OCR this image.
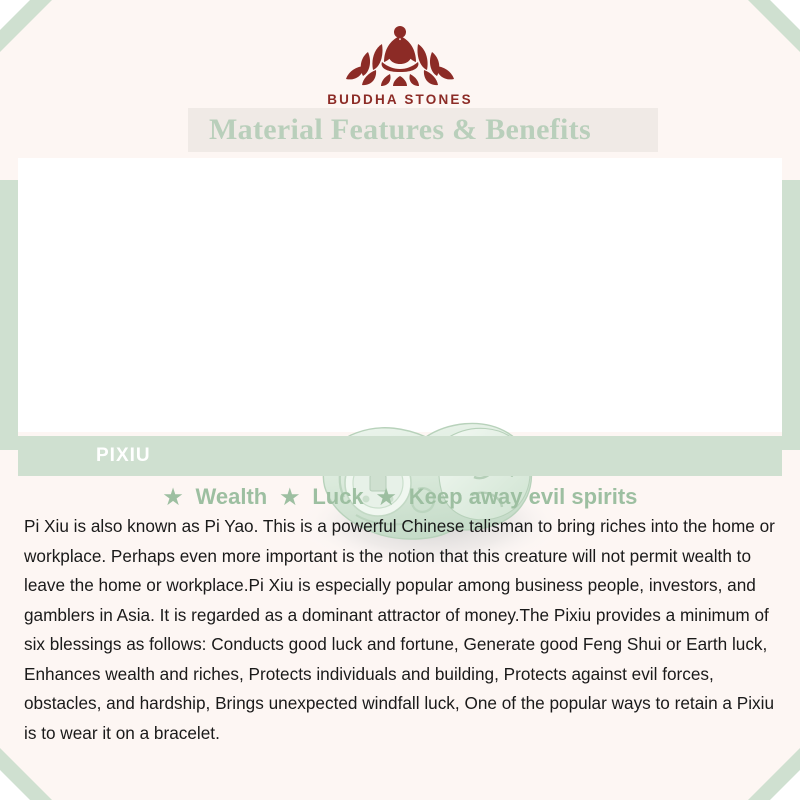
BUDDHA STONES
Material Features & Benefits
PIXIU
★ Wealth ★ Luck ★ Keep away evil spirits
Pi Xiu is also known as Pi Yao. This is a powerful Chinese talisman to bring riches into the home or workplace. Perhaps even more important is the notion that this creature will not permit wealth to leave the home or workplace.Pi Xiu is especially popular among business people, investors, and gamblers in Asia. It is regarded as a dominant attractor of money.The Pixiu provides a minimum of six blessings as follows: Conducts good luck and fortune, Generate good Feng Shui or Earth luck, Enhances wealth and riches, Protects individuals and building, Protects against evil forces, obstacles, and hardship, Brings unexpected windfall luck, One of the popular ways to retain a Pixiu is to wear it on a bracelet.
